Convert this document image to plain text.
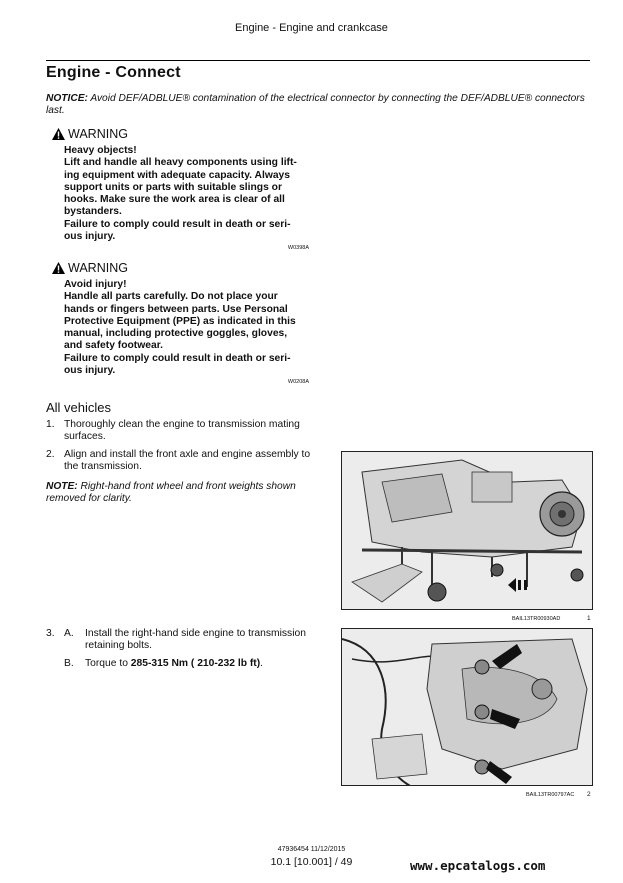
Engine - Engine and crankcase
Engine - Connect
NOTICE: Avoid DEF/ADBLUE® contamination of the electrical connector by connecting the DEF/ADBLUE® connectors last.
WARNING
Heavy objects!
Lift and handle all heavy components using lift-
ing equipment with adequate capacity. Always
support units or parts with suitable slings or
hooks. Make sure the work area is clear of all
bystanders.
Failure to comply could result in death or seri-
ous injury.
W0398A
WARNING
Avoid injury!
Handle all parts carefully. Do not place your
hands or fingers between parts. Use Personal
Protective Equipment (PPE) as indicated in this
manual, including protective goggles, gloves,
and safety footwear.
Failure to comply could result in death or seri-
ous injury.
W0208A
All vehicles
1. Thoroughly clean the engine to transmission mating surfaces.
2. Align and install the front axle and engine assembly to the transmission.
NOTE: Right-hand front wheel and front weights shown removed for clarity.
3. A.	Install the right-hand side engine to transmission retaining bolts.
B.	Torque to 285-315 Nm ( 210-232 lb ft).
BAIL13TR00930AD	1
BAIL13TR00797AC 2
47936454 11/12/2015
10.1 [10.001] / 49	www.epcatalogs.com
